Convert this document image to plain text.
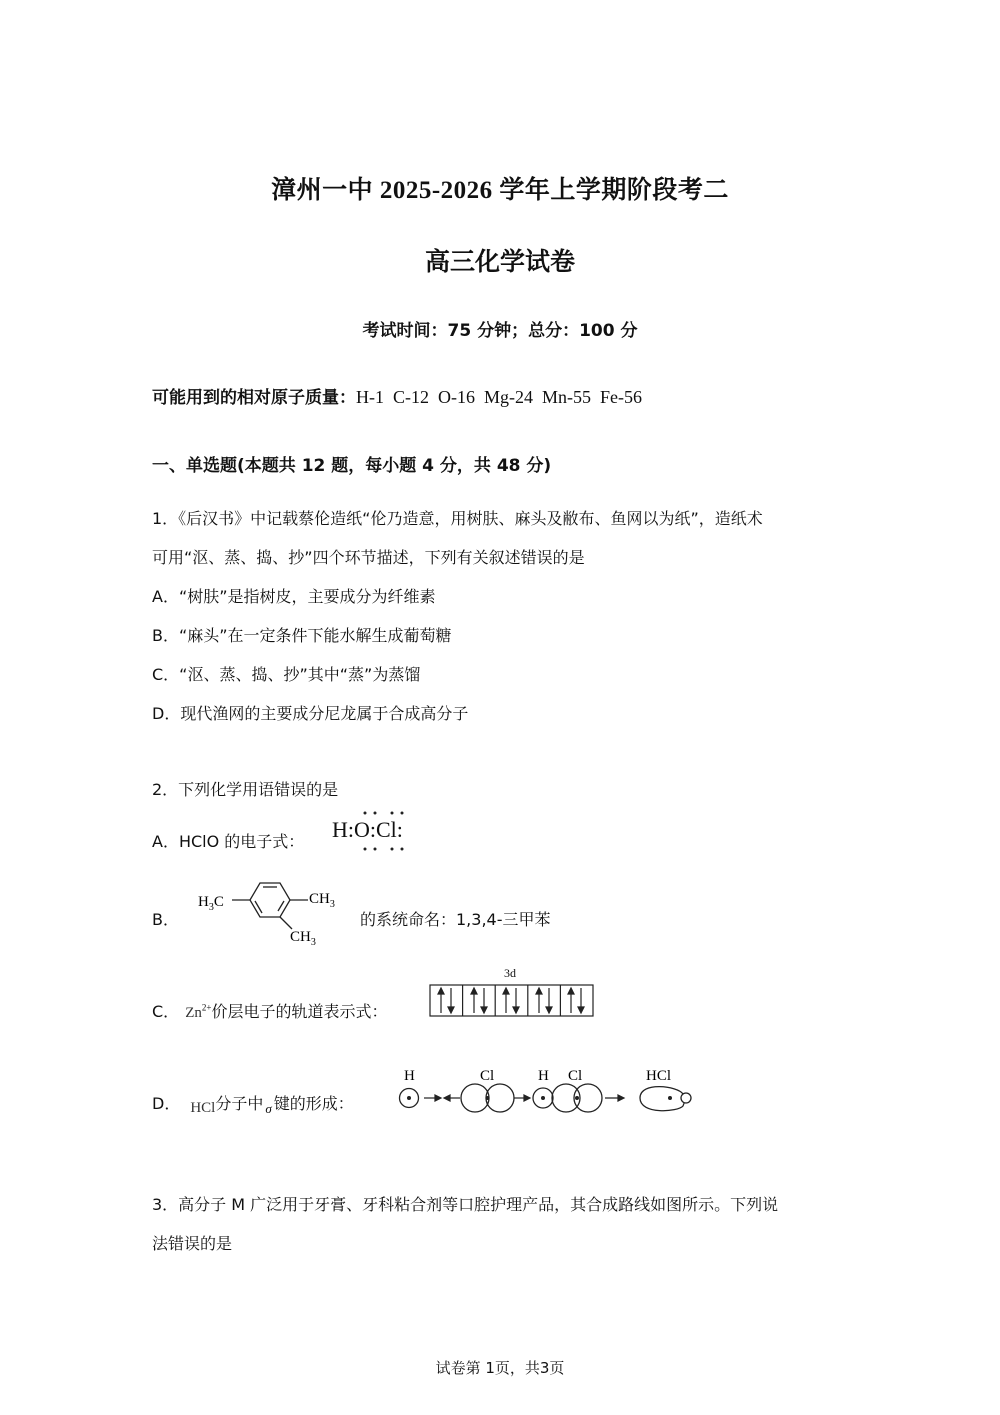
漳州一中 2025-2026 学年上学期阶段考二
高三化学试卷
考试时间：75 分钟；总分：100 分
可能用到的相对原子质量：H-1  C-12  O-16  Mg-24  Mn-55  Fe-56
一、单选题(本题共 12 题，每小题 4 分，共 48 分)
1．《后汉书》中记载蔡伦造纸“伦乃造意，用树肤、麻头及敝布、鱼网以为纸”，造纸术
可用“沤、蒸、捣、抄”四个环节描述，下列有关叙述错误的是
A．“树肤”是指树皮，主要成分为纤维素
B．“麻头”在一定条件下能水解生成葡萄糖
C．“沤、蒸、捣、抄”其中“蒸”为蒸馏
D．现代渔网的主要成分尼龙属于合成高分子
2．下列化学用语错误的是
A．HClO 的电子式： H:O:Cl:
B．
$H_3C$	$CH_3$
$CH_3$
的系统命名：1,3,4-三甲苯
C． $Zn^{2+}$价层电子的轨道表示式：
3d
D． HCl分子中 $_\sigma$ 键的形成：
H	Cl	H Cl	HCl
3．高分子 M 广泛用于牙膏、牙科粘合剂等口腔护理产品，其合成路线如图所示。下列说
法错误的是
试卷第 1页，共3页
